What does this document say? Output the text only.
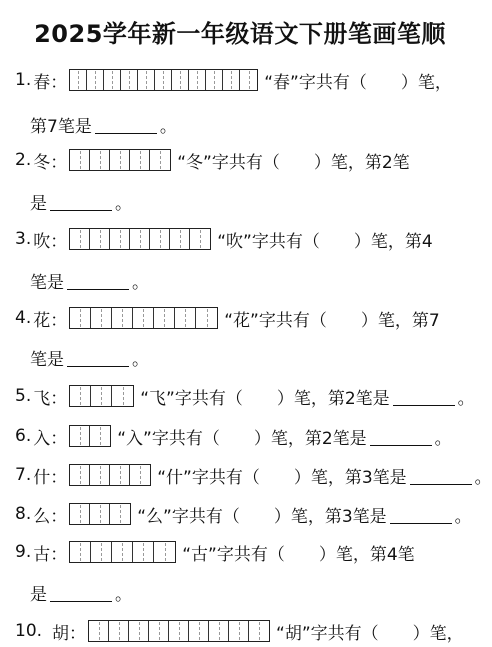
2025学年新一年级语文下册笔画笔顺
1. 春 ：	“春”字共有（　　）笔，
第7笔是	。
2. 冬 ：	“冬”字共有（　　）笔，第2笔
是	。
3. 吹 ：	“吹”字共有（　　）笔，第4
笔是	。
4. 花 ：	“花”字共有（　　）笔，第7
笔是	。
5. 飞 ：	“飞”字共有（　　）笔，第2笔是	。
6. 入 ：	“入”字共有（　　）笔，第2笔是	。
7. 什 ：	“什”字共有（　　）笔，第3笔是	。
8. 么 ：	“么”字共有（　　）笔，第3笔是	。
9. 古 ：	“古”字共有（　　）笔，第4笔
是	。
10. 胡 ：	“胡”字共有（　　）笔，
